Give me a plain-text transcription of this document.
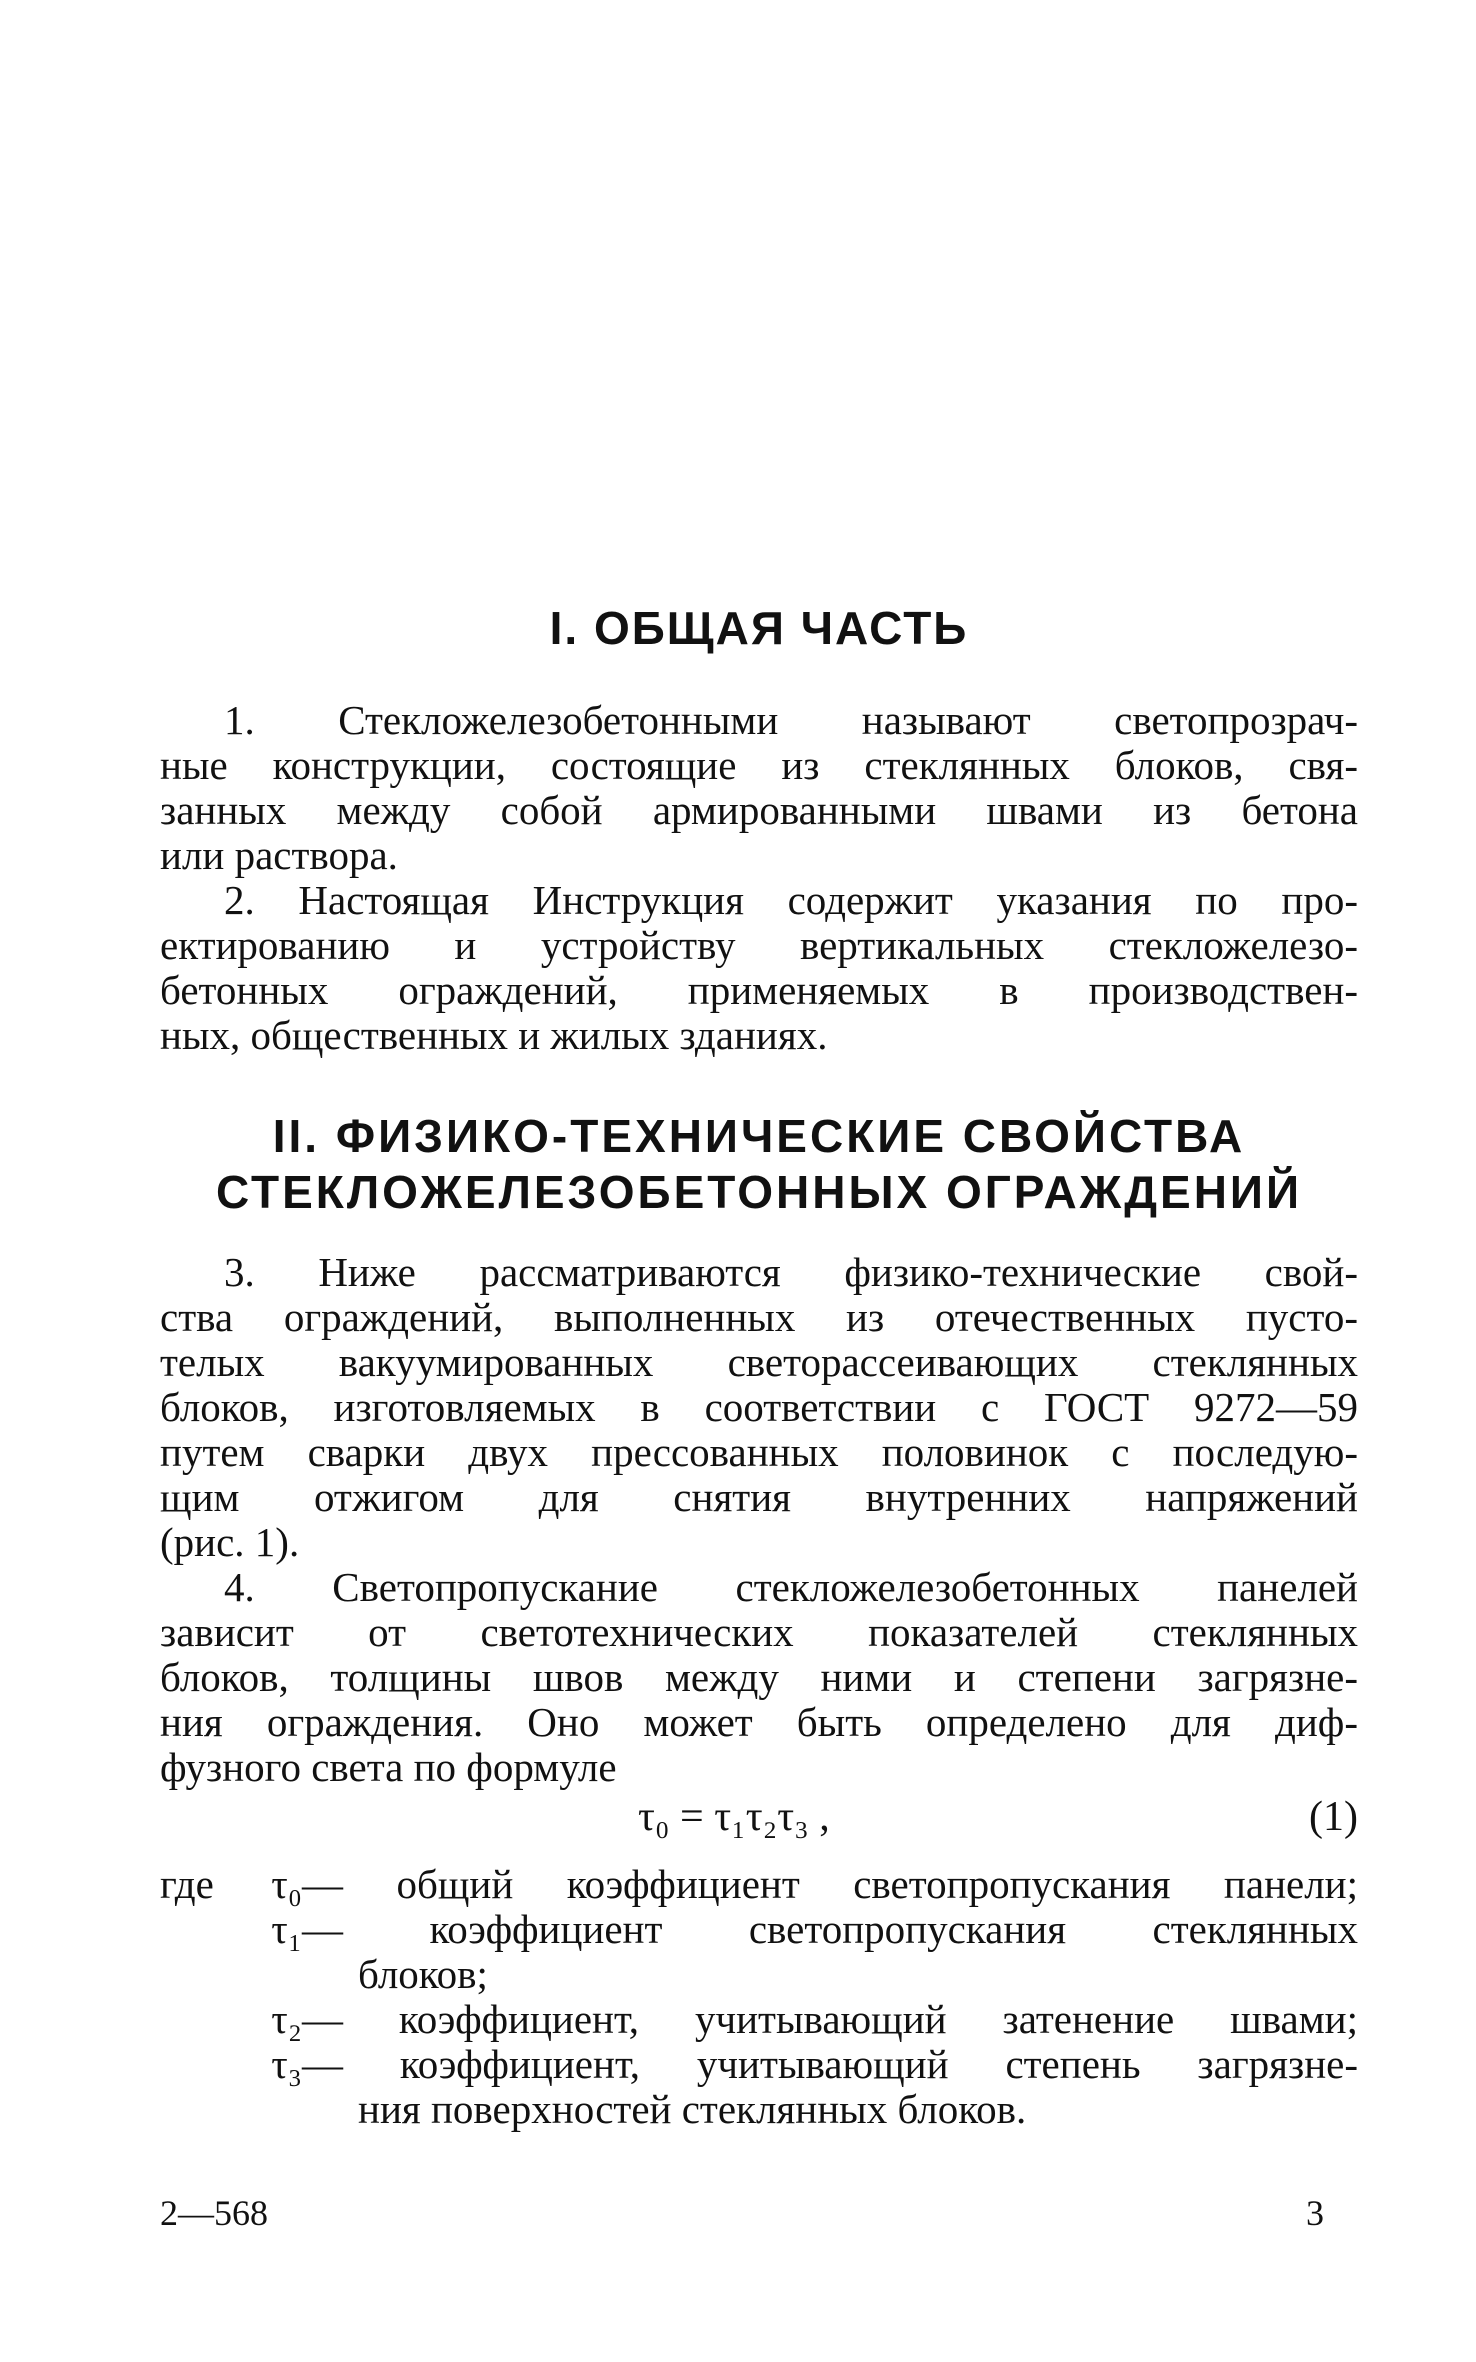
I. ОБЩАЯ ЧАСТЬ

1. Стекложелезобетонными называют светопрозрач-
ные конструкции, состоящие из стеклянных блоков, свя-
занных между собой армированными швами из бетона
или раствора.

2. Настоящая Инструкция содержит указания по про-
ектированию и устройству вертикальных стекложелезо-
бетонных ограждений, применяемых в производствен-
ных, общественных и жилых зданиях.

II. ФИЗИКО-ТЕХНИЧЕСКИЕ СВОЙСТВА
СТЕКЛОЖЕЛЕЗОБЕТОННЫХ ОГРАЖДЕНИЙ

3. Ниже рассматриваются физико-технические свой-
ства ограждений, выполненных из отечественных пусто-
телых вакуумированных светорассеивающих стеклянных
блоков, изготовляемых в соответствии с ГОСТ 9272—59
путем сварки двух прессованных половинок с последую-
щим отжигом для снятия внутренних напряжений
(рис. 1).

4. Светопропускание стекложелезобетонных панелей
зависит от светотехнических показателей стеклянных
блоков, толщины швов между ними и степени загрязне-
ния ограждения. Оно может быть определено для диф-
фузного света по формуле

τ₀ = τ₁τ₂τ₃ ,	(1)
где	τ₀ — общий коэффициент светопропускания панели;
τ₁ — коэффициент светопропускания стеклянных
блоков;
τ₂ — коэффициент, учитывающий затенение швами;
τ₃ — коэффициент, учитывающий степень загрязне-
ния поверхностей стеклянных блоков.
2—568	3
